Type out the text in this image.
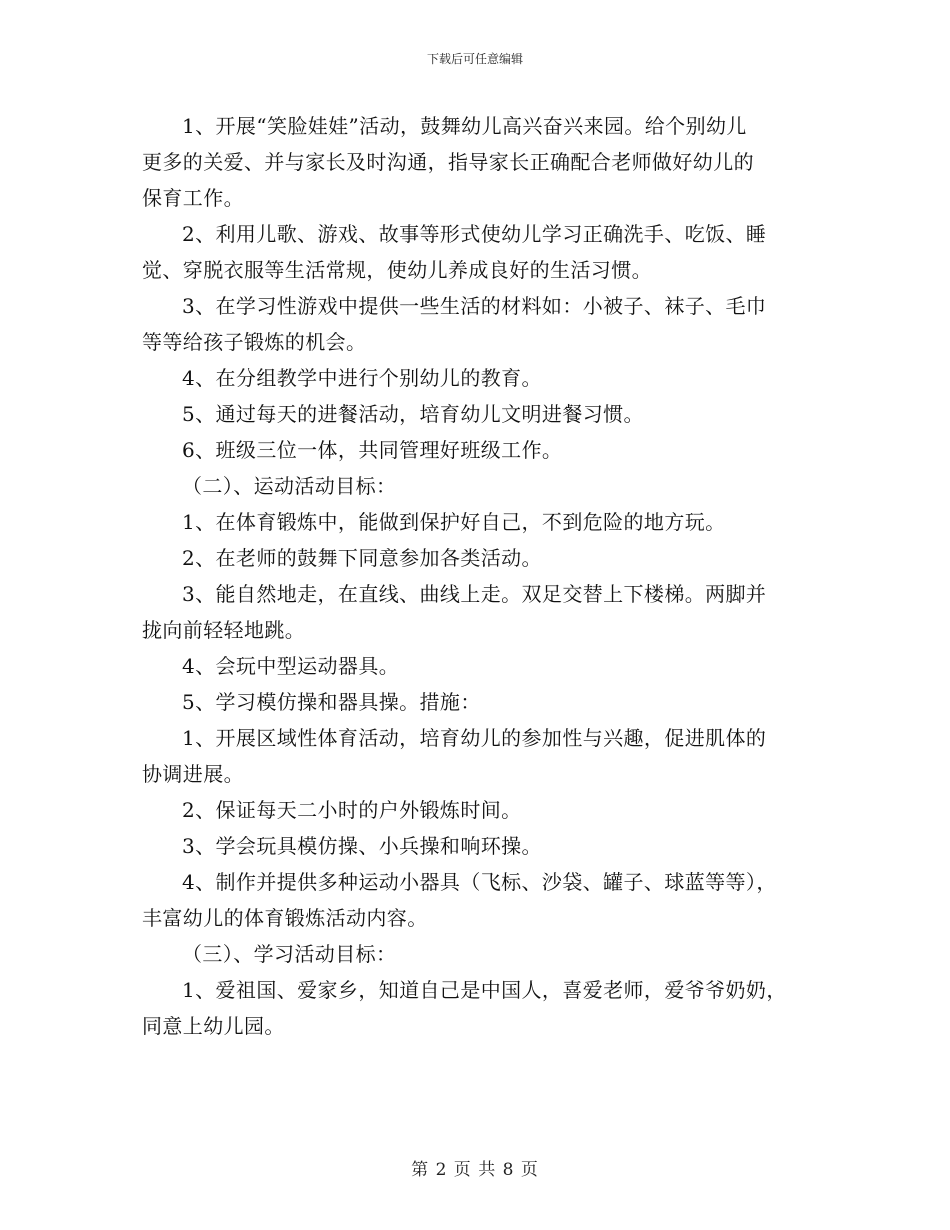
下载后可任意编辑
1、开展“笑脸娃娃”活动，鼓舞幼儿高兴奋兴来园。给个别幼儿
更多的关爱、并与家长及时沟通，指导家长正确配合老师做好幼儿的
保育工作。
2、利用儿歌、游戏、故事等形式使幼儿学习正确洗手、吃饭、睡
觉、穿脱衣服等生活常规，使幼儿养成良好的生活习惯。
3、在学习性游戏中提供一些生活的材料如：小被子、袜子、毛巾
等等给孩子锻炼的机会。
4、在分组教学中进行个别幼儿的教育。
5、通过每天的进餐活动，培育幼儿文明进餐习惯。
6、班级三位一体，共同管理好班级工作。
（二）、运动活动目标：
1、在体育锻炼中，能做到保护好自己，不到危险的地方玩。
2、在老师的鼓舞下同意参加各类活动。
3、能自然地走，在直线、曲线上走。双足交替上下楼梯。两脚并
拢向前轻轻地跳。
4、会玩中型运动器具。
5、学习模仿操和器具操。措施：
1、开展区域性体育活动，培育幼儿的参加性与兴趣，促进肌体的
协调进展。
2、保证每天二小时的户外锻炼时间。
3、学会玩具模仿操、小兵操和响环操。
4、制作并提供多种运动小器具（飞标、沙袋、罐子、球蓝等等），
丰富幼儿的体育锻炼活动内容。
（三）、学习活动目标：
1、爱祖国、爱家乡，知道自己是中国人，喜爱老师，爱爷爷奶奶，
同意上幼儿园。
第 2 页 共 8 页
